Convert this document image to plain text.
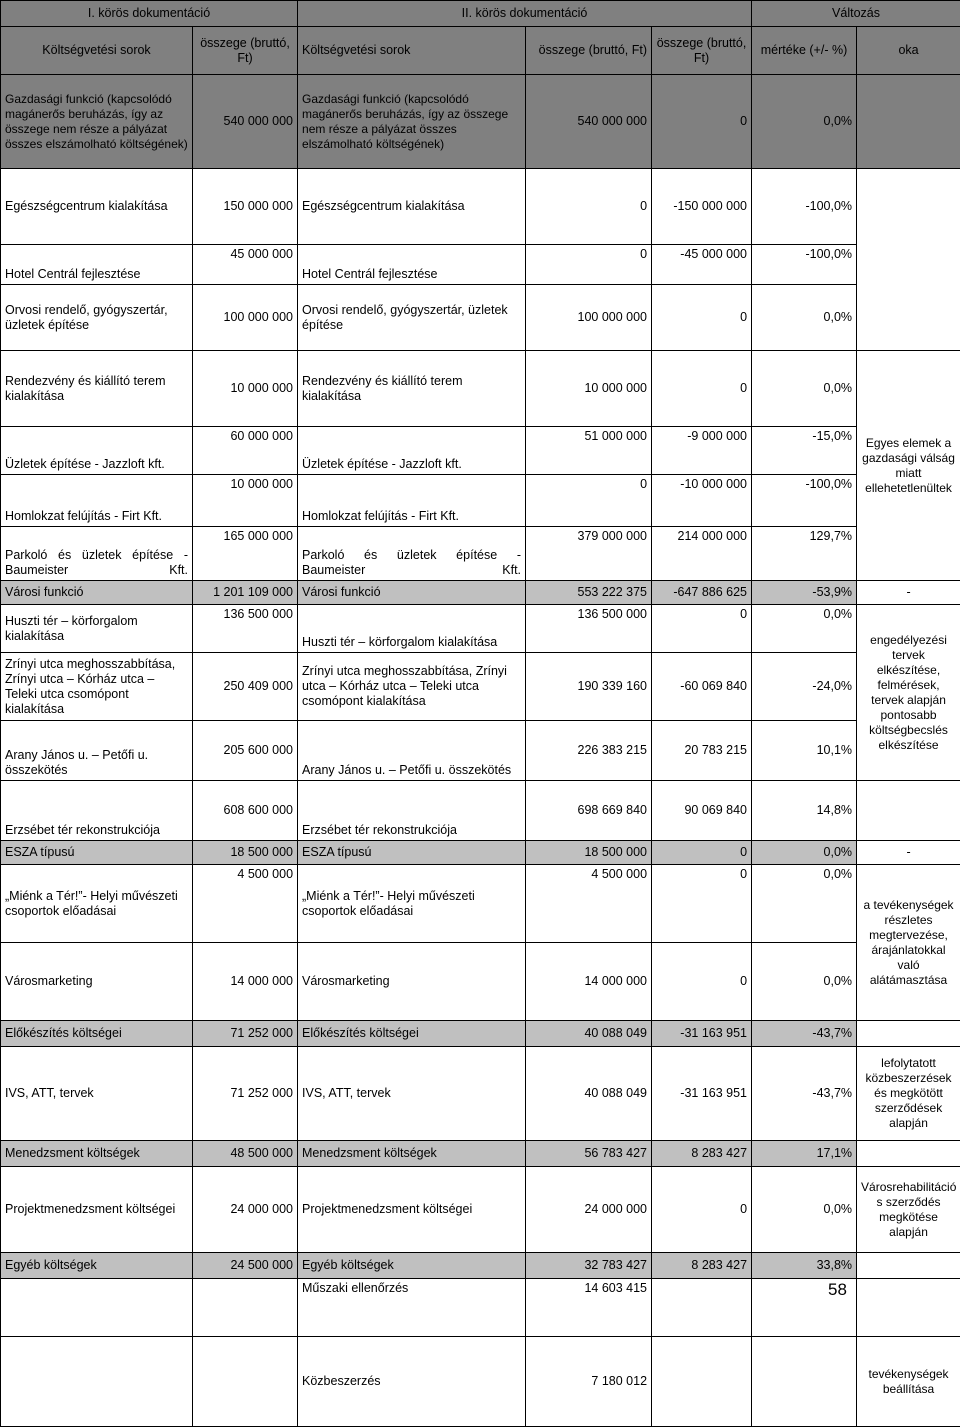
I. körös dokumentáció		II. körös dokumentáció			Változás	
Költségvetési sorok	összege (bruttó, Ft)	Költségvetési sorok	összege (bruttó, Ft)	összege (bruttó, Ft)	mértéke (+/- %)	oka
Gazdasági funkció (kapcsolódó magánerős beruházás, így az összege nem része a pályázat összes elszámolható költségének)	540 000 000	Gazdasági funkció (kapcsolódó magánerős beruházás, így az összege nem része a pályázat összes elszámolható költségének)	540 000 000	0	0,0%	
Egészségcentrum kialakítása	150 000 000	Egészségcentrum kialakítása	0	-150 000 000	-100,0%	
Hotel Centrál fejlesztése	45 000 000	Hotel Centrál fejlesztése	0	-45 000 000	-100,0%	
Orvosi rendelő, gyógyszertár, üzletek építése	100 000 000	Orvosi rendelő, gyógyszertár, üzletek építése	100 000 000	0	0,0%	
Rendezvény és kiállító terem kialakítása	10 000 000	Rendezvény és kiállító terem kialakítása	10 000 000	0	0,0%	Egyes elemek a gazdasági válság miatt ellehetetlenültek
Üzletek építése - Jazzloft kft.	60 000 000	Üzletek építése - Jazzloft kft.	51 000 000	-9 000 000	-15,0%	
Homlokzat felújítás - Firt Kft.	10 000 000	Homlokzat felújítás - Firt Kft.	0	-10 000 000	-100,0%	
Parkoló és üzletek építése - Baumeister Kft.	165 000 000	Parkoló és üzletek építése - Baumeister Kft.	379 000 000	214 000 000	129,7%	
Városi funkció	1 201 109 000	Városi funkció	553 222 375	-647 886 625	-53,9%	-
Huszti tér – körforgalom kialakítása	136 500 000	Huszti tér – körforgalom kialakítása	136 500 000	0	0,0%	engedélyezési tervek elkészítése, felmérések, tervek alapján pontosabb költségbecslés elkészítése
Zrínyi utca meghosszabbítása, Zrínyi utca – Kórház utca – Teleki utca csomópont kialakítása	250 409 000	Zrínyi utca meghosszabbítása, Zrínyi utca – Kórház utca – Teleki utca csomópont kialakítása	190 339 160	-60 069 840	-24,0%	
Arany János u. – Petőfi u. összekötés	205 600 000	Arany János u. – Petőfi u. összekötés	226 383 215	20 783 215	10,1%	
Erzsébet tér rekonstrukciója	608 600 000	Erzsébet tér rekonstrukciója	698 669 840	90 069 840	14,8%	
ESZA típusú	18 500 000	ESZA típusú	18 500 000	0	0,0%	-
„Miénk a Tér!”- Helyi művészeti csoportok előadásai	4 500 000	„Miénk a Tér!”- Helyi művészeti csoportok előadásai	4 500 000	0	0,0%	a tevékenységek részletes megtervezése, árajánlatokkal való alátámasztása
Városmarketing	14 000 000	Városmarketing	14 000 000	0	0,0%	
Előkészítés költségei	71 252 000	Előkészítés költségei	40 088 049	-31 163 951	-43,7%	
IVS, ATT, tervek	71 252 000	IVS, ATT, tervek	40 088 049	-31 163 951	-43,7%	lefolytatott közbeszerzések és megkötött szerződések alapján
Menedzsment költségek	48 500 000	Menedzsment költségek	56 783 427	8 283 427	17,1%	
Projektmenedzsment költségei	24 000 000	Projektmenedzsment költségei	24 000 000	0	0,0%	Városrehabilitáció s szerződés megkötése alapján
Egyéb költségek	24 500 000	Egyéb költségek	32 783 427	8 283 427	33,8%	
		Műszaki ellenőrzés	14 603 415			
		Közbeszerzés	7 180 012			tevékenységek beállítása
58
